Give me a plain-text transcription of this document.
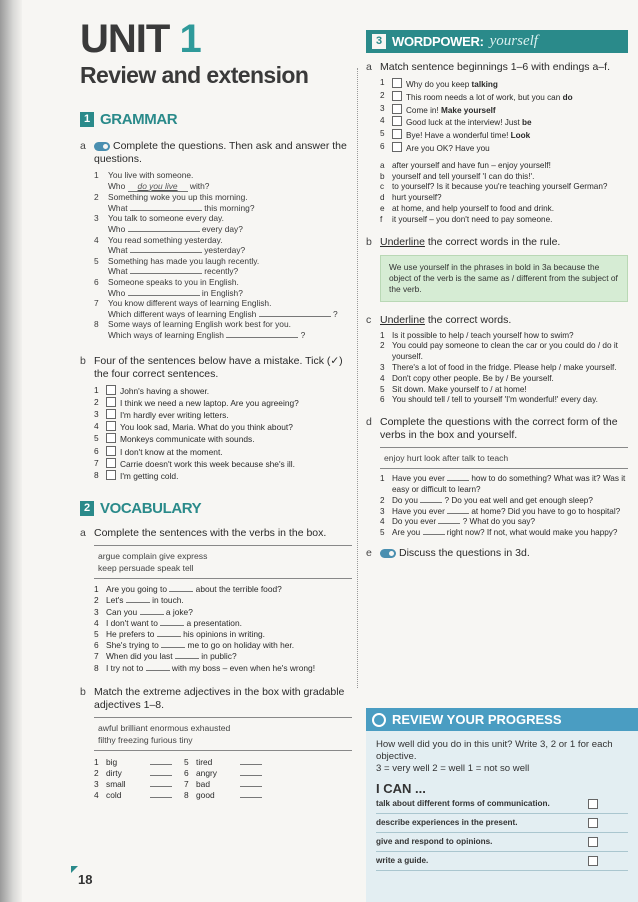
UNIT 1
Review and extension
1 GRAMMAR
a	Complete the questions. Then ask and answer the questions.
1	You live with someone.
Who do you live with?
2	Something woke you up this morning.
What	this morning?
3	You talk to someone every day.
Who	every day?
4	You read something yesterday.
What	yesterday?
5	Something has made you laugh recently.
What	recently?
6	Someone speaks to you in English.
Who	in English?
7	You know different ways of learning English.
Which different ways of learning English	?
8	Some ways of learning English work best for you.
Which ways of learning English	?
b Four of the sentences below have a mistake. Tick (✓) the four correct sentences.
1	John's having a shower.
2	I think we need a new laptop. Are you agreeing?
3	I'm hardly ever writing letters.
4	You look sad, Maria. What do you think about?
5	Monkeys communicate with sounds.
6	I don't know at the moment.
7	Carrie doesn't work this week because she's ill.
8	I'm getting cold.
2 VOCABULARY
a Complete the sentences with the verbs in the box.
argue complain give express
keep persuade speak tell
1 Are you going to	about the terrible food?
2 Let's	in touch.
3 Can you	a joke?
4 I don't want to	a presentation.
5 He prefers to	his opinions in writing.
6 She's trying to	me to go on holiday with her.
7 When did you last	in public?
8 I try not to	with my boss – even when he's wrong!
b Match the extreme adjectives in the box with gradable adjectives 1–8.
awful brilliant enormous exhausted
filthy freezing furious tiny
1 big
2 dirty
3 small
4 cold
5 tired
6 angry
7 bad
8 good
18
3 WORDPOWER: yourself
a Match sentence beginnings 1–6 with endings a–f.
1	Why do you keep talking
2	This room needs a lot of work, but you can do
3	Come in! Make yourself
4	Good luck at the interview! Just be
5	Bye! Have a wonderful time! Look
6	Are you OK? Have you
a after yourself and have fun – enjoy yourself!
b yourself and tell yourself 'I can do this!'.
c to yourself? Is it because you're teaching yourself German?
d hurt yourself?
e at home, and help yourself to food and drink.
f	it yourself – you don't need to pay someone.
b Underline the correct words in the rule.
We use yourself in the phrases in bold in 3a because the object of the verb is the same as / different from the subject of the verb.
c Underline the correct words.
1 Is it possible to help / teach yourself how to swim?
2 You could pay someone to clean the car or you could do / do it yourself.
3 There's a lot of food in the fridge. Please help / make yourself.
4 Don't copy other people. Be by / Be yourself.
5 Sit down. Make yourself to / at home!
6 You should tell / tell to yourself 'I'm wonderful!' every day.
d Complete the questions with the correct form of the verbs in the box and yourself.
enjoy hurt look after talk to teach
1 Have you ever	how to do something? What was it? Was it easy or difficult to learn?
2 Do you	? Do you eat well and get enough sleep?
3 Have you ever	at home? Did you have to go to hospital?
4 Do you ever	? What do you say?
5 Are you	right now? If not, what would make you happy?
e	Discuss the questions in 3d.
REVIEW YOUR PROGRESS
How well did you do in this unit? Write 3, 2 or 1 for each objective.
3 = very well 2 = well 1 = not so well
I CAN ...
talk about different forms of communication.
describe experiences in the present.
give and respond to opinions.
write a guide.
